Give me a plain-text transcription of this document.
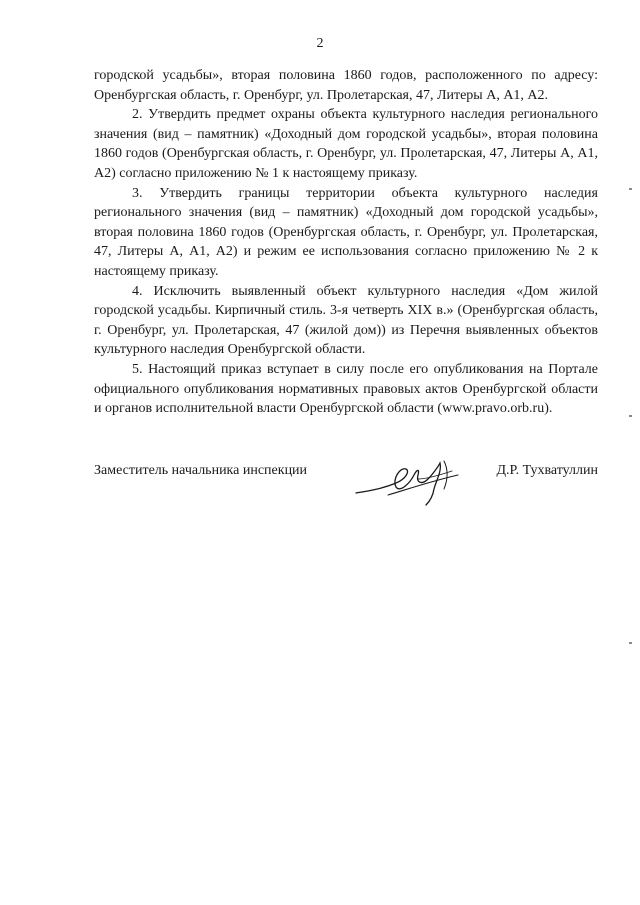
2

городской усадьбы», вторая половина 1860 годов, расположенного по адресу: Оренбургская область, г. Оренбург, ул. Пролетарская, 47, Литеры А, А1, А2.

2. Утвердить предмет охраны объекта культурного наследия регионального значения (вид – памятник) «Доходный дом городской усадьбы», вторая половина 1860 годов (Оренбургская область, г. Оренбург, ул. Пролетарская, 47, Литеры А, А1, А2) согласно приложению № 1 к настоящему приказу.

3. Утвердить границы территории объекта культурного наследия регионального значения (вид – памятник) «Доходный дом городской усадьбы», вторая половина 1860 годов (Оренбургская область, г. Оренбург, ул. Пролетарская, 47, Литеры А, А1, А2) и режим ее использования согласно приложению № 2 к настоящему приказу.

4. Исключить выявленный объект культурного наследия «Дом жилой городской усадьбы. Кирпичный стиль. 3-я четверть XIX в.» (Оренбургская область, г. Оренбург, ул. Пролетарская, 47 (жилой дом)) из Перечня выявленных объектов культурного наследия Оренбургской области.

5. Настоящий приказ вступает в силу после его опубликования на Портале официального опубликования нормативных правовых актов Оренбургской области и органов исполнительной власти Оренбургской области (www.pravo.orb.ru).

Заместитель начальника инспекции	Д.Р. Тухватуллин
